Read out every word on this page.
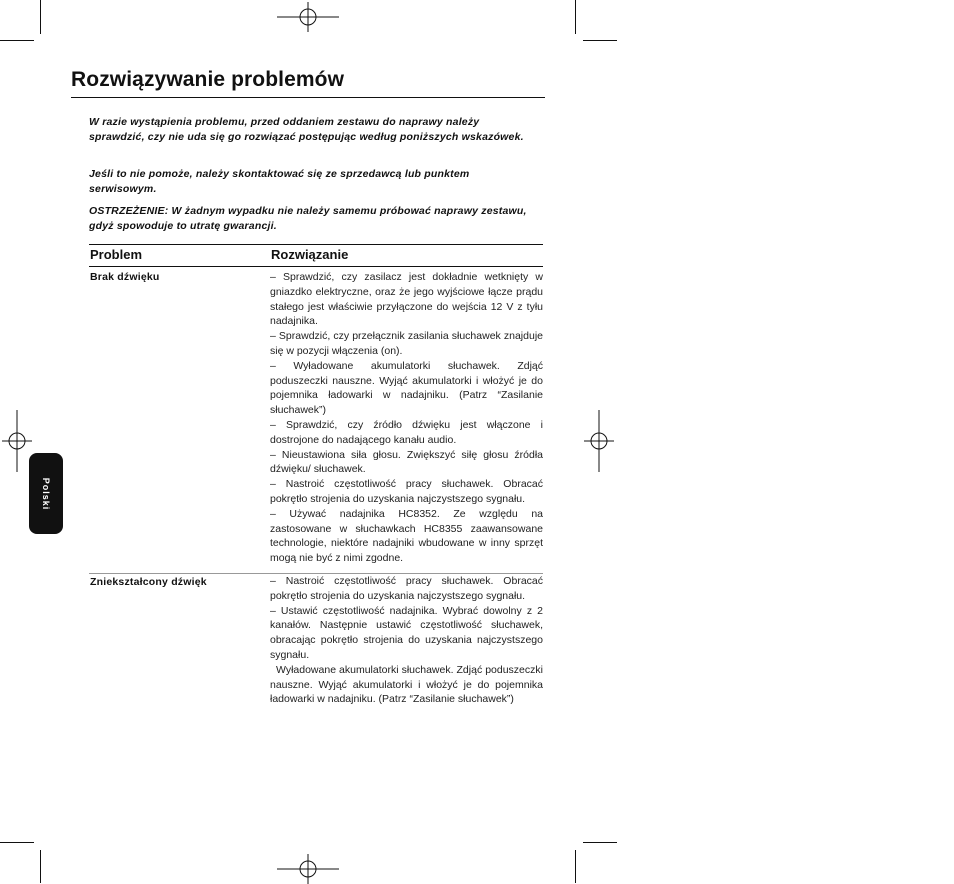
Polski
Rozwiązywanie problemów

W razie wystąpienia problemu, przed oddaniem zestawu do naprawy należy sprawdzić, czy nie uda się go rozwiązać postępując według poniższych wskazówek.

Jeśli to nie pomoże, należy skontaktować się ze sprzedawcą lub punktem serwisowym.

OSTRZEŻENIE: W żadnym wypadku nie należy samemu próbować naprawy zestawu, gdyż spowoduje to utratę gwarancji.

Problem	Rozwiązanie
Brak dźwięku	– Sprawdzić, czy zasilacz jest dokładnie wetknięty w gniazdko elektryczne, oraz że jego wyjściowe łącze prądu stałego jest właściwie przyłączone do wejścia 12 V z tyłu nadajnika.
– Sprawdzić, czy przełącznik zasilania słuchawek znajduje się w pozycji włączenia (on).
– Wyładowane akumulatorki słuchawek. Zdjąć poduszeczki nauszne. Wyjąć akumulatorki i włożyć je do pojemnika ładowarki w nadajniku. (Patrz “Zasilanie słuchawek”)
– Sprawdzić, czy źródło dźwięku jest włączone i dostrojone do nadającego kanału audio.
– Nieustawiona siła głosu. Zwiększyć siłę głosu źródła dźwięku/ słuchawek.
– Nastroić częstotliwość pracy słuchawek. Obracać pokrętło strojenia do uzyskania najczystszego sygnału.
– Używać nadajnika HC8352. Ze względu na zastosowane w słuchawkach HC8355 zaawansowane technologie, niektóre nadajniki wbudowane w inny sprzęt mogą nie być z nimi zgodne.
Zniekształcony dźwięk	– Nastroić częstotliwość pracy słuchawek. Obracać pokrętło strojenia do uzyskania najczystszego sygnału.
– Ustawić częstotliwość nadajnika. Wybrać dowolny z 2 kanałów. Następnie ustawić częstotliwość słuchawek, obracając pokrętło strojenia do uzyskania najczystszego sygnału.
Wyładowane akumulatorki słuchawek. Zdjąć poduszeczki nauszne. Wyjąć akumulatorki i włożyć je do pojemnika ładowarki w nadajniku. (Patrz “Zasilanie słuchawek”)
